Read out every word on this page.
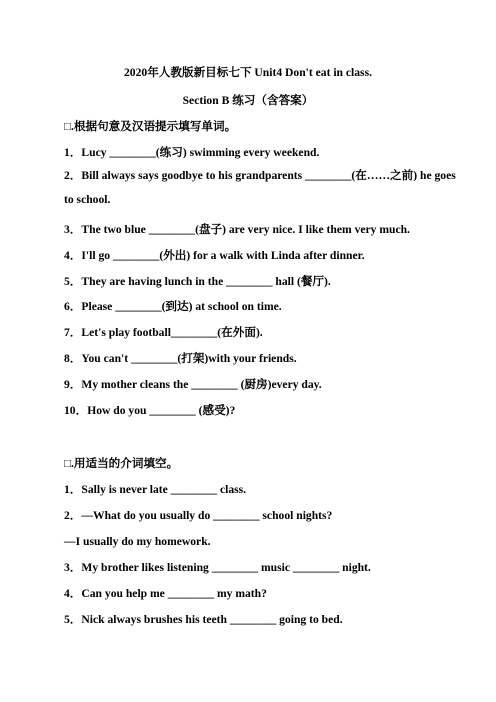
2020年人教版新目标七下 Unit4 Don't eat in class.
Section B 练习（含答案）
□.根据句意及汉语提示填写单词。
1．Lucy ________(练习) swimming every weekend.
2．Bill always says goodbye to his grandparents ________(在……之前) he goes to school.
3．The two blue ________(盘子) are very nice. I like them very much.
4．I'll go ________(外出) for a walk with Linda after dinner.
5．They are having lunch in the ________ hall (餐厅).
6．Please ________(到达) at school on time.
7．Let's play football________(在外面).
8．You can't ________(打架)with your friends.
9．My mother cleans the ________ (厨房)every day.
10．How do you ________ (感受)?
□.用适当的介词填空。
1．Sally is never late ________ class.
2．—What do you usually do ________ school nights?
—I usually do my homework.
3．My brother likes listening ________ music ________ night.
4．Can you help me ________ my math?
5．Nick always brushes his teeth ________ going to bed.
